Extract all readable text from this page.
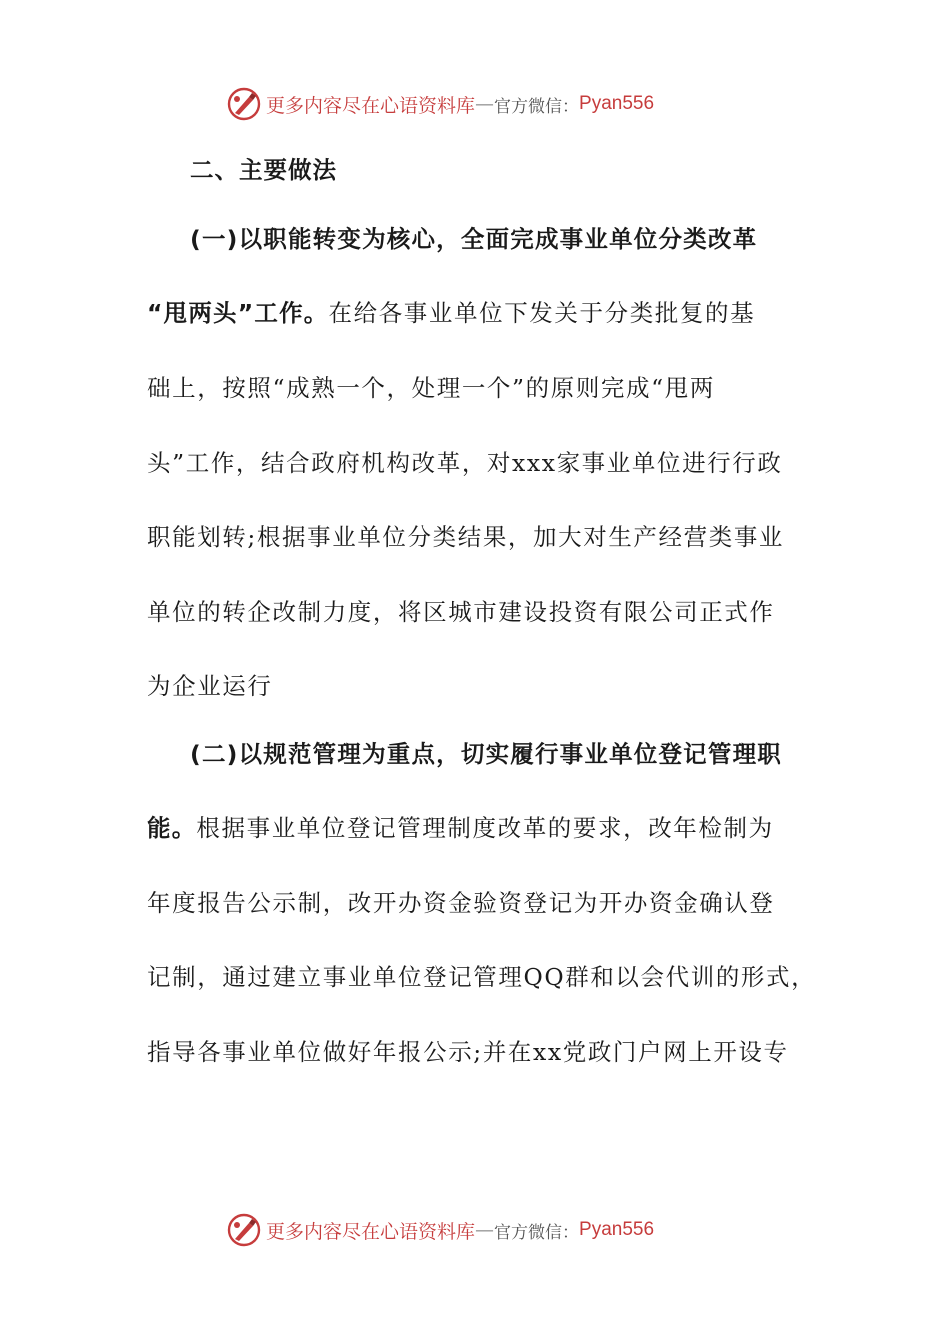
更多内容尽在心语资料库 — 官方微信： Pyan556
二、主要做法
(一)以职能转变为核心，全面完成事业单位分类改革
“甩两头”工作。在给各事业单位下发关于分类批复的基
础上，按照“成熟一个，处理一个”的原则完成“甩两
头”工作，结合政府机构改革，对xxx家事业单位进行行政
职能划转;根据事业单位分类结果，加大对生产经营类事业
单位的转企改制力度，将区城市建设投资有限公司正式作
为企业运行
(二)以规范管理为重点，切实履行事业单位登记管理职
能。根据事业单位登记管理制度改革的要求，改年检制为
年度报告公示制，改开办资金验资登记为开办资金确认登
记制，通过建立事业单位登记管理QQ群和以会代训的形式，
指导各事业单位做好年报公示;并在xx党政门户网上开设专
更多内容尽在心语资料库 — 官方微信： Pyan556
